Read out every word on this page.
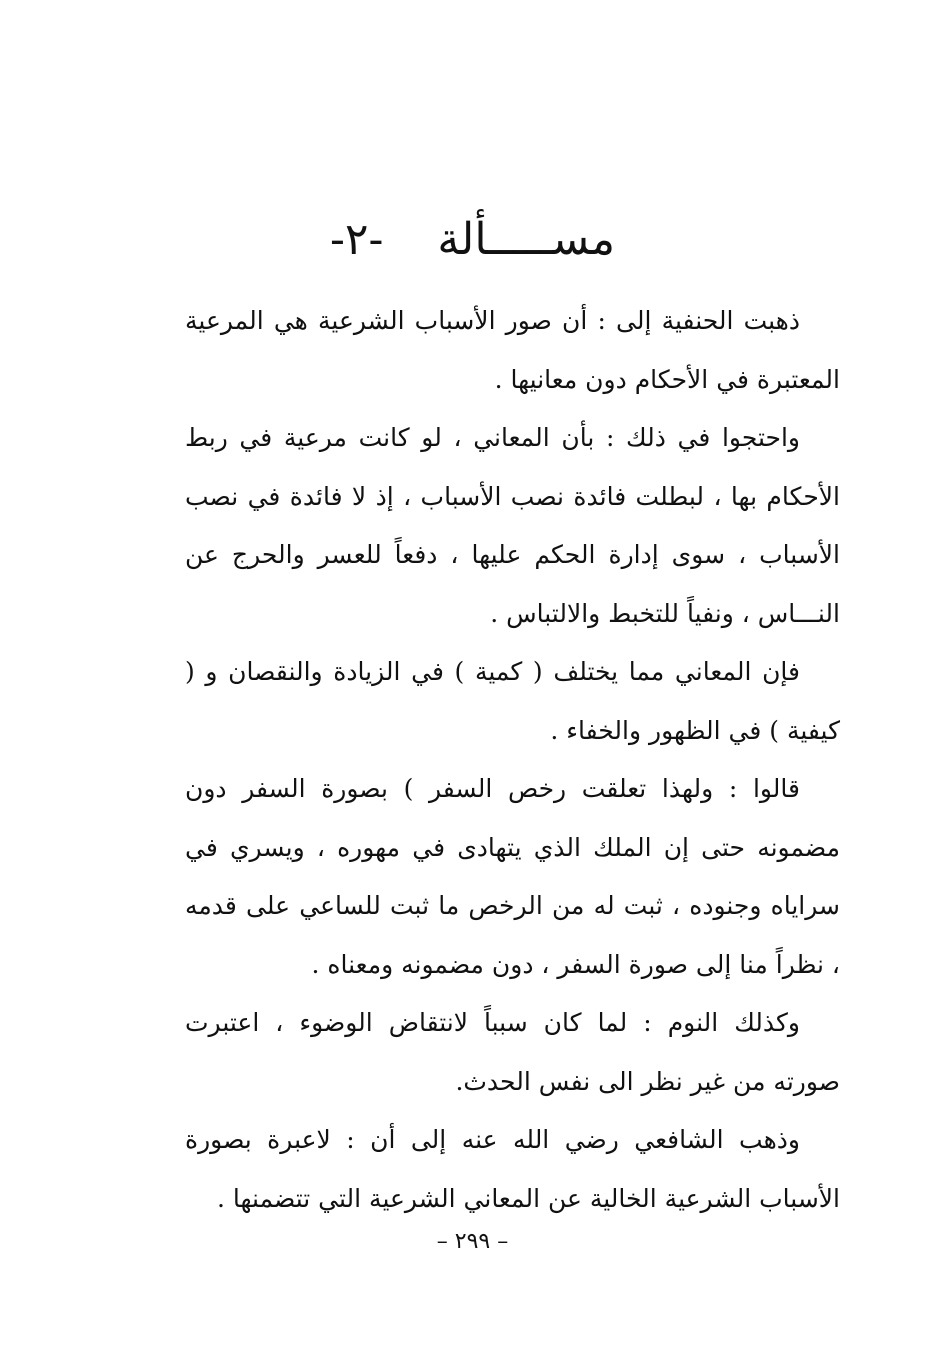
مســـــألة -٢-

ذهبت الحنفية إلى : أن صور الأسباب الشرعية هي المرعية المعتبرة في الأحكام دون معانيها .

واحتجوا في ذلك : بأن المعاني ، لو كانت مرعية في ربط الأحكام بها ، لبطلت فائدة نصب الأسباب ، إذ لا فائدة في نصب الأسباب ، سوى إدارة الحكم عليها ، دفعاً للعسر والحرج عن النـــاس ، ونفياً للتخبط والالتباس .

فإن المعاني مما يختلف ( كمية ) في الزيادة والنقصان و ( كيفية ) في الظهور والخفاء .

قالوا : ولهذا تعلقت رخص السفر ) بصورة السفر دون مضمونه حتى إن الملك الذي يتهادى في مهوره ، ويسري في سراياه وجنوده ، ثبت له من الرخص ما ثبت للساعي على قدمه ، نظراً منا إلى صورة السفر ، دون مضمونه ومعناه .

وكذلك النوم : لما كان سبباً لانتقاض الوضوء ، اعتبرت صورته من غير نظر الى نفس الحدث.

وذهب الشافعي رضي الله عنه إلى أن : لاعبرة بصورة الأسباب الشرعية الخالية عن المعاني الشرعية التي تتضمنها .

– ٢٩٩ –
